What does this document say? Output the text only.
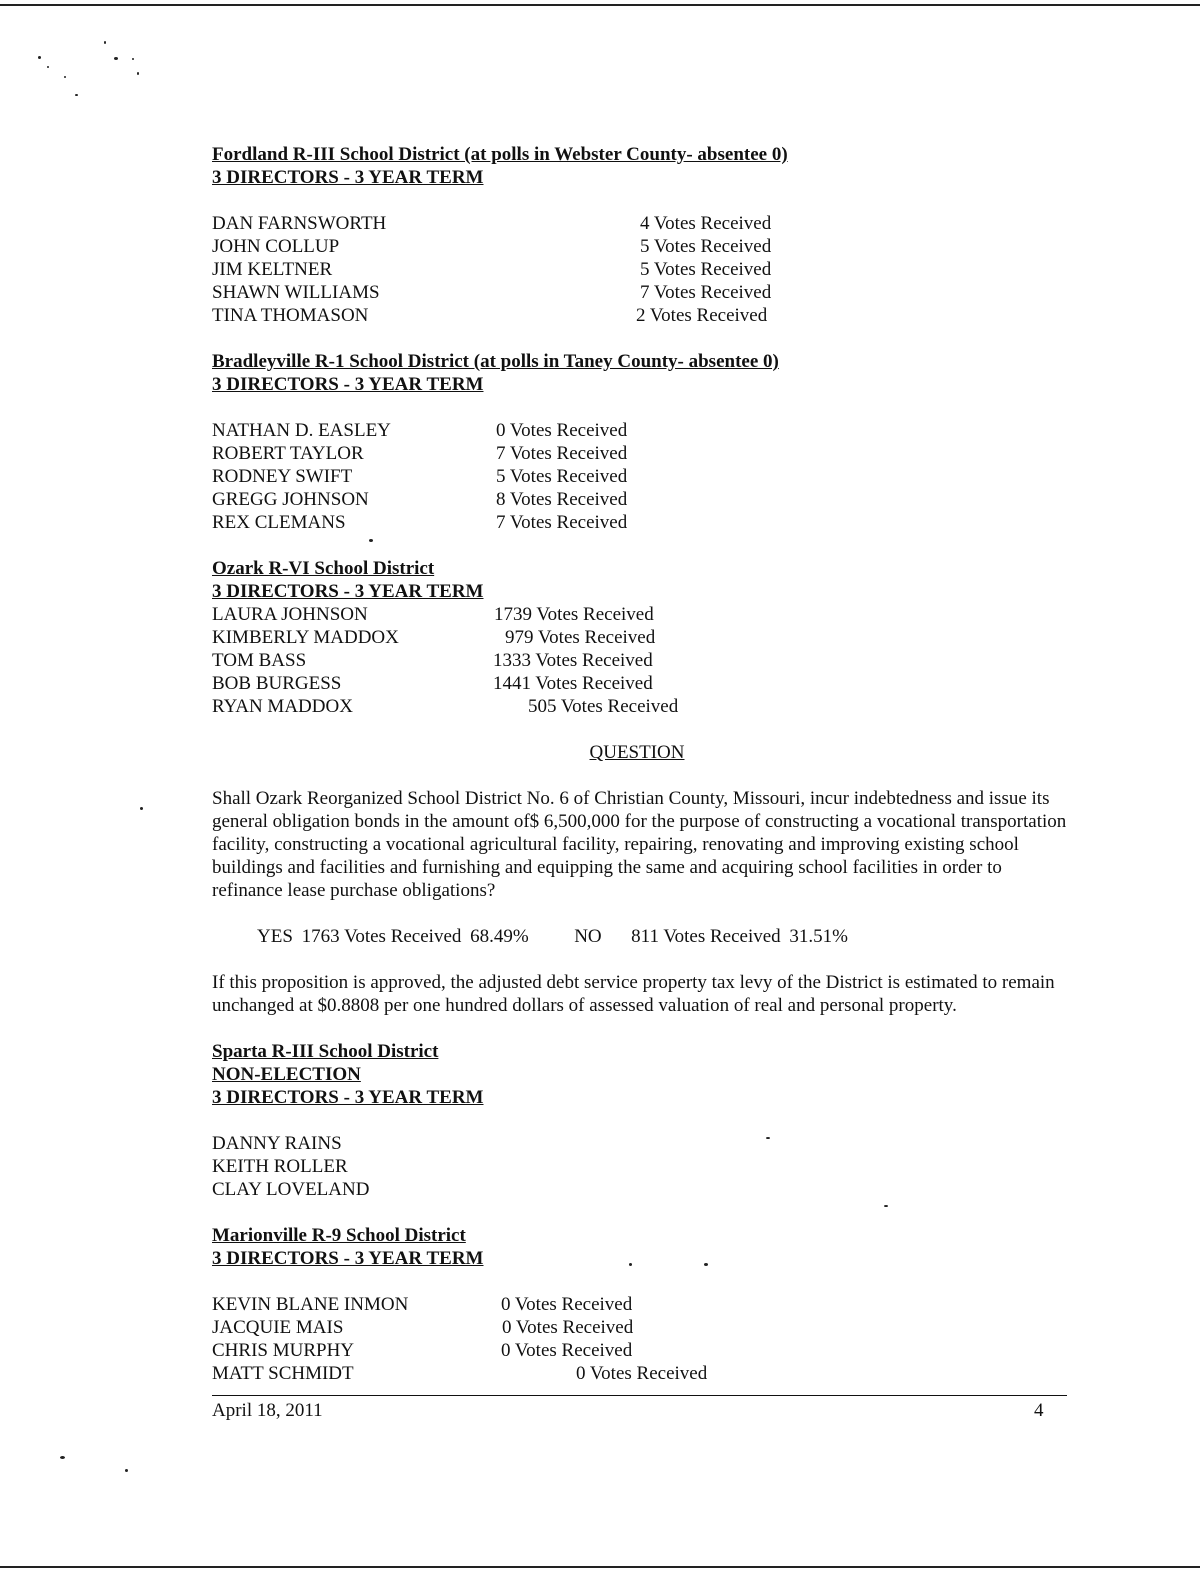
Fordland R-III School District (at polls in Webster County- absentee 0)
3 DIRECTORS - 3 YEAR TERM
DAN FARNSWORTH	4 Votes Received
JOHN COLLUP	5 Votes Received
JIM KELTNER	5 Votes Received
SHAWN WILLIAMS	7 Votes Received
TINA THOMASON	2 Votes Received
Bradleyville R-1 School District (at polls in Taney County- absentee 0)
3 DIRECTORS - 3 YEAR TERM
NATHAN D. EASLEY	0 Votes Received
ROBERT TAYLOR	7 Votes Received
RODNEY SWIFT	5 Votes Received
GREGG JOHNSON	8 Votes Received
REX CLEMANS	7 Votes Received
Ozark R-VI School District
3 DIRECTORS - 3 YEAR TERM
LAURA JOHNSON	1739 Votes Received
KIMBERLY MADDOX	979 Votes Received
TOM BASS	1333 Votes Received
BOB BURGESS	1441 Votes Received
RYAN MADDOX	505 Votes Received
QUESTION
Shall Ozark Reorganized School District No. 6 of Christian County, Missouri, incur indebtedness and issue its general obligation bonds in the amount of$ 6,500,000 for the purpose of constructing a vocational transportation facility, constructing a vocational agricultural facility, repairing, renovating and improving existing school buildings and facilities and furnishing and equipping the same and acquiring school facilities in order to refinance lease purchase obligations?
YES 1763 Votes Received 68.49% NO 811 Votes Received 31.51%
If this proposition is approved, the adjusted debt service property tax levy of the District is estimated to remain unchanged at $0.8808 per one hundred dollars of assessed valuation of real and personal property.
Sparta R-III School District
NON-ELECTION
3 DIRECTORS - 3 YEAR TERM
DANNY RAINS
KEITH ROLLER
CLAY LOVELAND
Marionville R-9 School District
3 DIRECTORS - 3 YEAR TERM
KEVIN BLANE INMON	0 Votes Received
JACQUIE MAIS	0 Votes Received
CHRIS MURPHY	0 Votes Received
MATT SCHMIDT	0 Votes Received
April 18, 2011	4
